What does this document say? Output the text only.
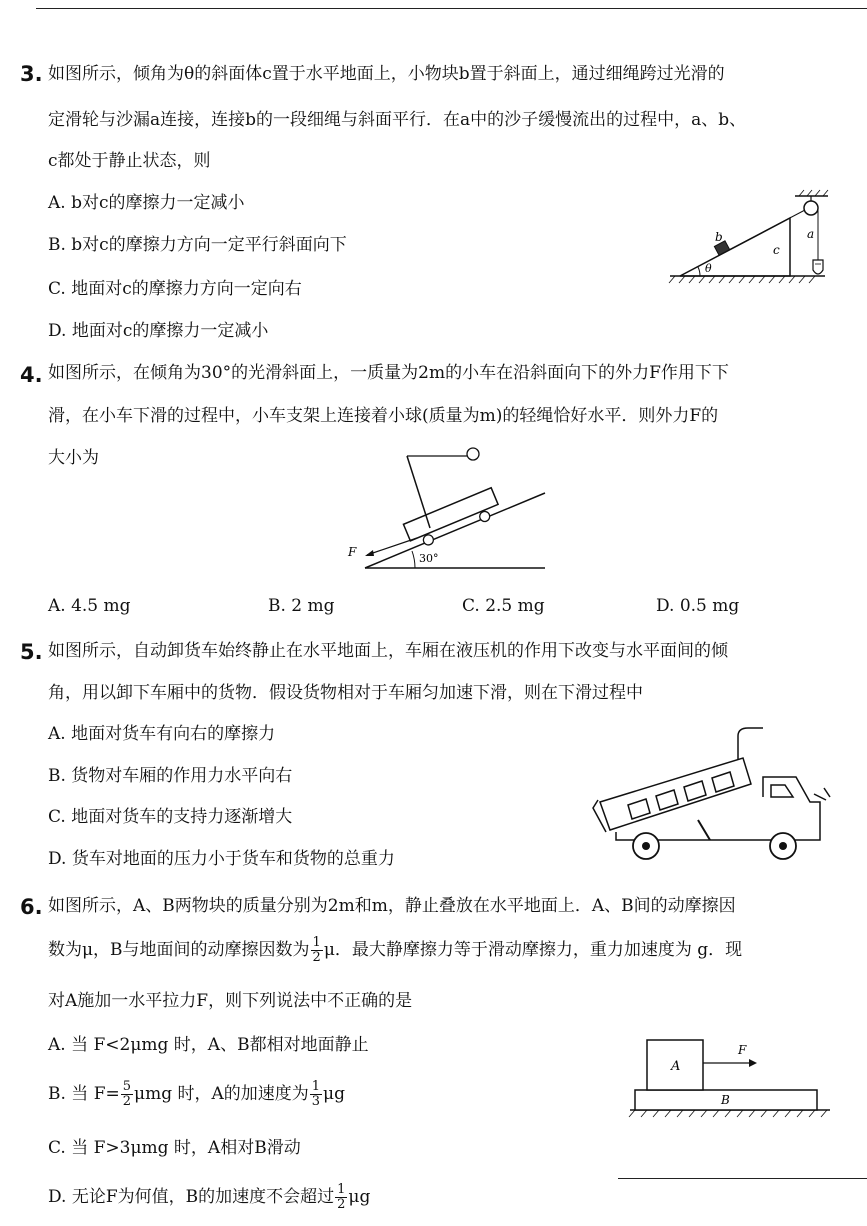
3. 如图所示，倾角为θ的斜面体c置于水平地面上，小物块b置于斜面上，通过细绳跨过光滑的
定滑轮与沙漏a连接，连接b的一段细绳与斜面平行．在a中的沙子缓慢流出的过程中，a、b、
c都处于静止状态，则
A. b对c的摩擦力一定减小
B. b对c的摩擦力方向一定平行斜面向下
C. 地面对c的摩擦力方向一定向右
D. 地面对c的摩擦力一定减小
b
c
a
θ
4. 如图所示，在倾角为30°的光滑斜面上，一质量为2m的小车在沿斜面向下的外力F作用下下
滑，在小车下滑的过程中，小车支架上连接着小球(质量为m)的轻绳恰好水平．则外力F的
大小为
F	30°
A. 4.5 mg	B. 2 mg	C. 2.5 mg	D. 0.5 mg
5. 如图所示，自动卸货车始终静止在水平地面上，车厢在液压机的作用下改变与水平面间的倾
角，用以卸下车厢中的货物．假设货物相对于车厢匀加速下滑，则在下滑过程中
A. 地面对货车有向右的摩擦力
B. 货物对车厢的作用力水平向右
C. 地面对货车的支持力逐渐增大
D. 货车对地面的压力小于货车和货物的总重力
6. 如图所示，A、B两物块的质量分别为2m和m，静止叠放在水平地面上．A、B间的动摩擦因
数为μ，B与地面间的动摩擦因数为 $\frac{1}{2}$ μ．最大静摩擦力等于滑动摩擦力，重力加速度为 g．现
对A施加一水平拉力F，则下列说法中不正确的是
A. 当 F<2μmg 时，A、B都相对地面静止
B. 当 $F= \frac{5}{2}$ μmg 时，A的加速度为 $\frac{1}{3}$ μg
C. 当 F>3μmg 时，A相对B滑动
D. 无论F为何值，B的加速度不会超过 $\frac{1}{2}$ μg
A
B
F
